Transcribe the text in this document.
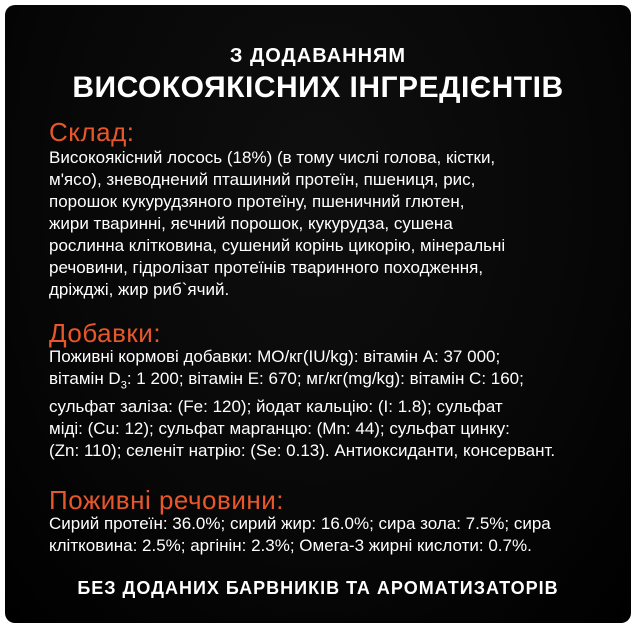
З ДОДАВАННЯМ
ВИСОКОЯКІСНИХ ІНГРЕДІЄНТІВ
Склад:
Високоякісний лосось (18%) (в тому числі голова, кістки,
м'ясо), зневоднений пташиний протеїн, пшениця, рис,
порошок кукурудзяного протеїну, пшеничний глютен,
жири тваринні, яєчний порошок, кукурудза, сушена
рослинна клітковина, сушений корінь цикорію, мінеральні
речовини, гідролізат протеїнів тваринного походження,
дріжджі, жир риб`ячий.
Добавки:
Поживні кормові добавки: МО/кг(IU/kg): вітамін А: 37 000;
вітамін $D_3$: 1 200; вітамін Е: 670; мг/кг(mg/kg): вітамін С: 160;
сульфат заліза: (Fe: 120); йодат кальцію: (I: 1.8); сульфат
міді: (Cu: 12); сульфат марганцю: (Mn: 44); сульфат цинку:
(Zn: 110); селеніт натрію: (Se: 0.13). Антиоксиданти, консервант.
Поживні речовини:
Сирий протеїн: 36.0%; сирий жир: 16.0%; сира зола: 7.5%; сира
клітковина: 2.5%; аргінін: 2.3%; Омега-3 жирні кислоти: 0.7%.
БЕЗ ДОДАНИХ БАРВНИКІВ ТА АРОМАТИЗАТОРІВ
